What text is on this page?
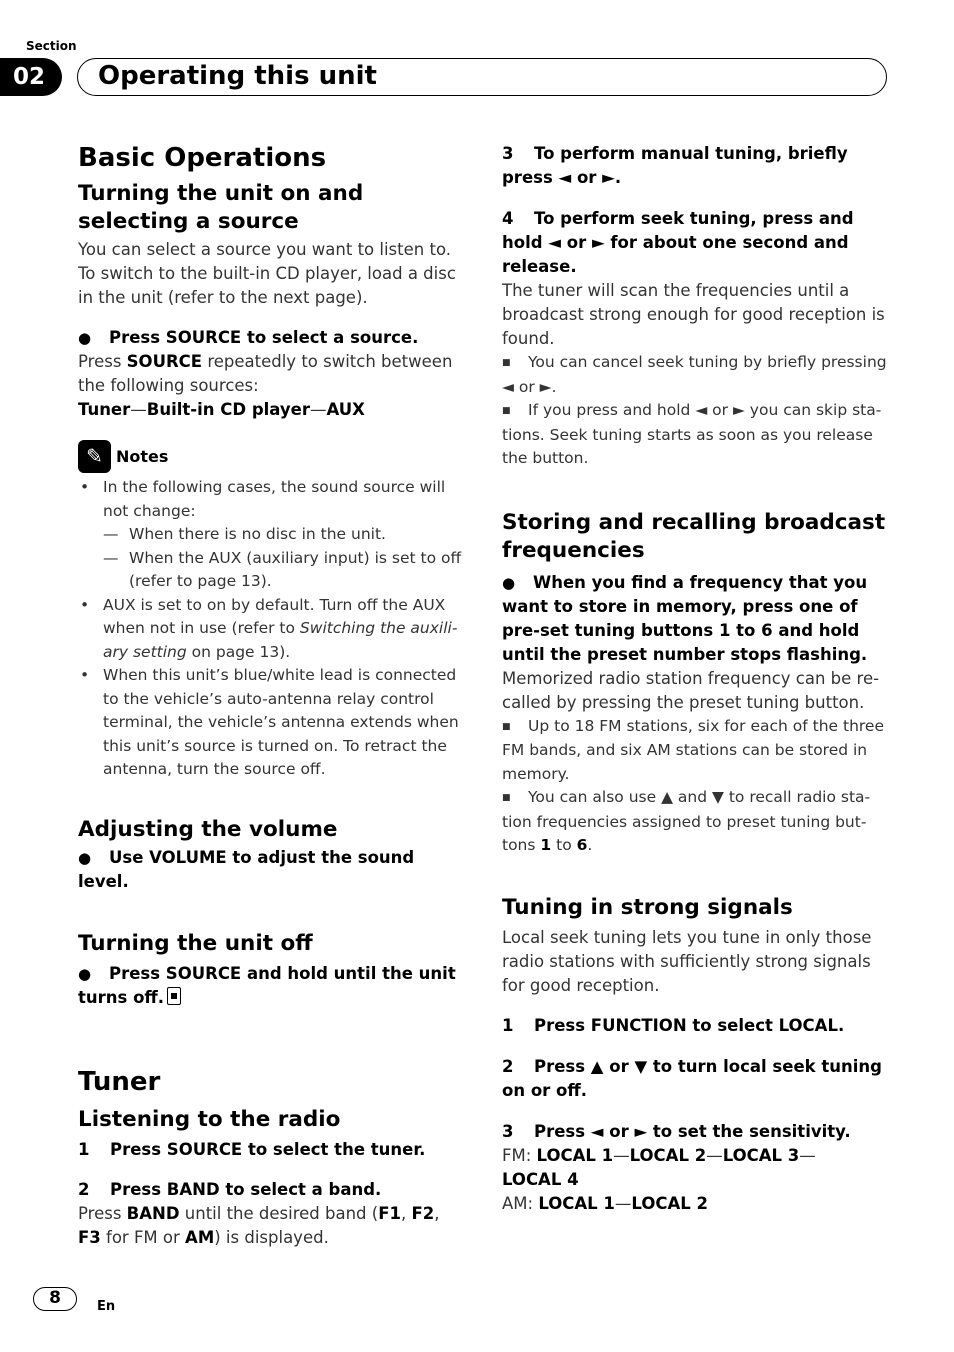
Section
02	Operating this unit
Basic Operations
Turning the unit on and selecting a source

You can select a source you want to listen to. To switch to the built-in CD player, load a disc in the unit (refer to the next page).

● Press SOURCE to select a source.

Press SOURCE repeatedly to switch between the following sources:

Tuner—Built-in CD player—AUX

✎ Notes
• In the following cases, the sound source will not change:
— When there is no disc in the unit.
— When the AUX (auxiliary input) is set to off (refer to page 13).
• AUX is set to on by default. Turn off the AUX when not in use (refer to Switching the auxili-ary setting on page 13).
• When this unit’s blue/white lead is connected to the vehicle’s auto-antenna relay control terminal, the vehicle’s antenna extends when this unit’s source is turned on. To retract the antenna, turn the source off.
Adjusting the volume

● Use VOLUME to adjust the sound level.

Turning the unit off

● Press SOURCE and hold until the unit turns off.

Tuner
Listening to the radio

1 Press SOURCE to select the tuner.

2 Press BAND to select a band.

Press BAND until the desired band (F1, F2, F3 for FM or AM) is displayed.

3 To perform manual tuning, briefly press ◄ or ►.

4 To perform seek tuning, press and hold ◄ or ► for about one second and release.

The tuner will scan the frequencies until a broadcast strong enough for good reception is found.

■ You can cancel seek tuning by briefly pressing ◄ or ►.

■ If you press and hold ◄ or ► you can skip sta-tions. Seek tuning starts as soon as you release the button.

Storing and recalling broadcast frequencies

● When you find a frequency that you want to store in memory, press one of pre-set tuning buttons 1 to 6 and hold until the preset number stops flashing.

Memorized radio station frequency can be re-called by pressing the preset tuning button.

■ Up to 18 FM stations, six for each of the three FM bands, and six AM stations can be stored in memory.

■ You can also use ▲ and ▼ to recall radio sta-tion frequencies assigned to preset tuning but-tons 1 to 6.

Tuning in strong signals

Local seek tuning lets you tune in only those radio stations with sufficiently strong signals for good reception.

1 Press FUNCTION to select LOCAL.

2 Press ▲ or ▼ to turn local seek tuning on or off.

3 Press ◄ or ► to set the sensitivity.

FM: LOCAL 1—LOCAL 2—LOCAL 3—
LOCAL 4

AM: LOCAL 1—LOCAL 2

8	En
